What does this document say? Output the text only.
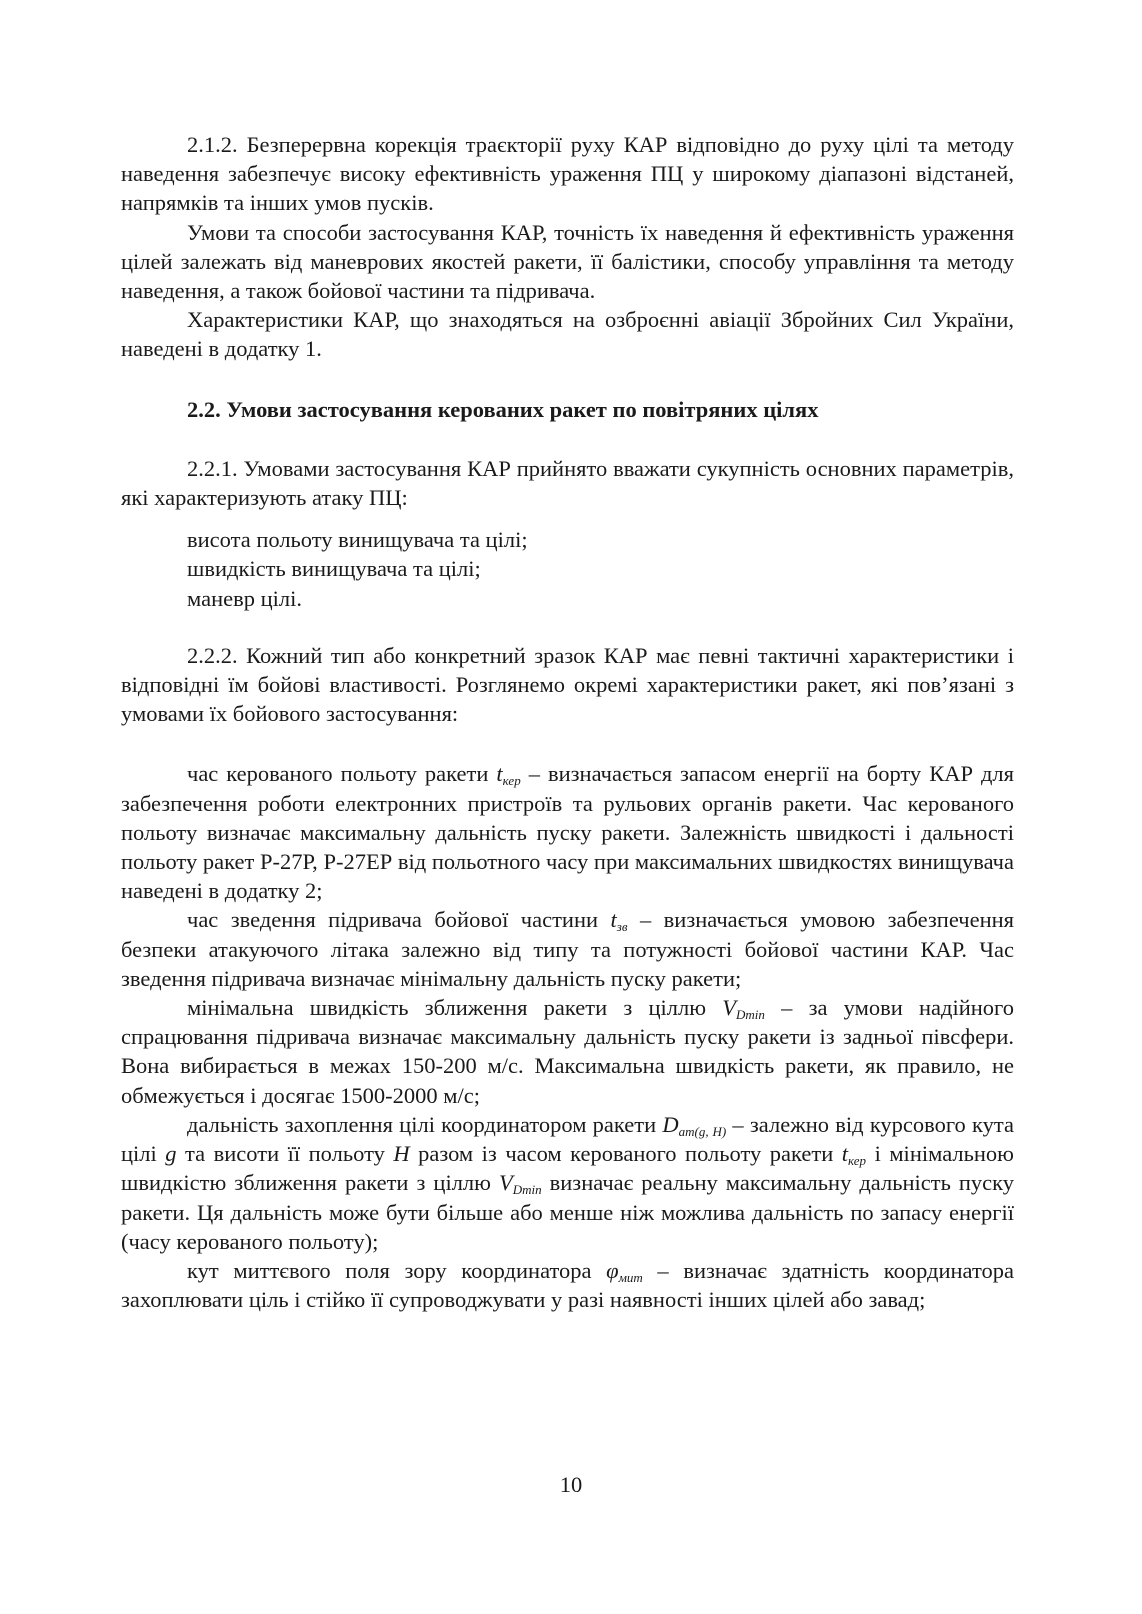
2.1.2. Безперервна корекція траєкторії руху КАР відповідно до руху цілі та методу наведення забезпечує високу ефективність ураження ПЦ у широкому діапазоні відстаней, напрямків та інших умов пусків.

Умови та способи застосування КАР, точність їх наведення й ефективність ураження цілей залежать від маневрових якостей ракети, її балістики, способу управління та методу наведення, а також бойової частини та підривача.

Характеристики КАР, що знаходяться на озброєнні авіації Збройних Сил України, наведені в додатку 1.

2.2. Умови застосування керованих ракет по повітряних цілях

2.2.1. Умовами застосування КАР прийнято вважати сукупність основних параметрів, які характеризують атаку ПЦ:

висота польоту винищувача та цілі;
швидкість винищувача та цілі;
маневр цілі.

2.2.2. Кожний тип або конкретний зразок КАР має певні тактичні характеристики і відповідні їм бойові властивості. Розглянемо окремі характеристики ракет, які пов’язані з умовами їх бойового застосування:

час керованого польоту ракети $t_{кер}$ – визначається запасом енергії на борту КАР для забезпечення роботи електронних пристроїв та рульових органів ракети. Час керованого польоту визначає максимальну дальність пуску ракети. Залежність швидкості і дальності польоту ракет Р-27Р, Р-27ЕР від польотного часу при максимальних швидкостях винищувача наведені в додатку 2;

час зведення підривача бойової частини $t_{зв}$ – визначається умовою забезпечення безпеки атакуючого літака залежно від типу та потужності бойової частини КАР. Час зведення підривача визначає мінімальну дальність пуску ракети;

мінімальна швидкість зближення ракети з ціллю $V_{Dmin}$ – за умови надійного спрацювання підривача визначає максимальну дальність пуску ракети із задньої півсфери. Вона вибирається в межах 150-200 м/с. Максимальна швидкість ракети, як правило, не обмежується і досягає 1500-2000 м/с;

дальність захоплення цілі координатором ракети $D_{ат(g, H)}$ – залежно від курсового кута цілі g та висоти її польоту H разом із часом керованого польоту ракети $t_{кер}$ і мінімальною швидкістю зближення ракети з ціллю $V_{Dmin}$ визначає реальну максимальну дальність пуску ракети. Ця дальність може бути більше або менше ніж можлива дальність по запасу енергії (часу керованого польоту);

кут миттєвого поля зору координатора $\varphi_{мит}$ – визначає здатність координатора захоплювати ціль і стійко її супроводжувати у разі наявності інших цілей або завад;

10
